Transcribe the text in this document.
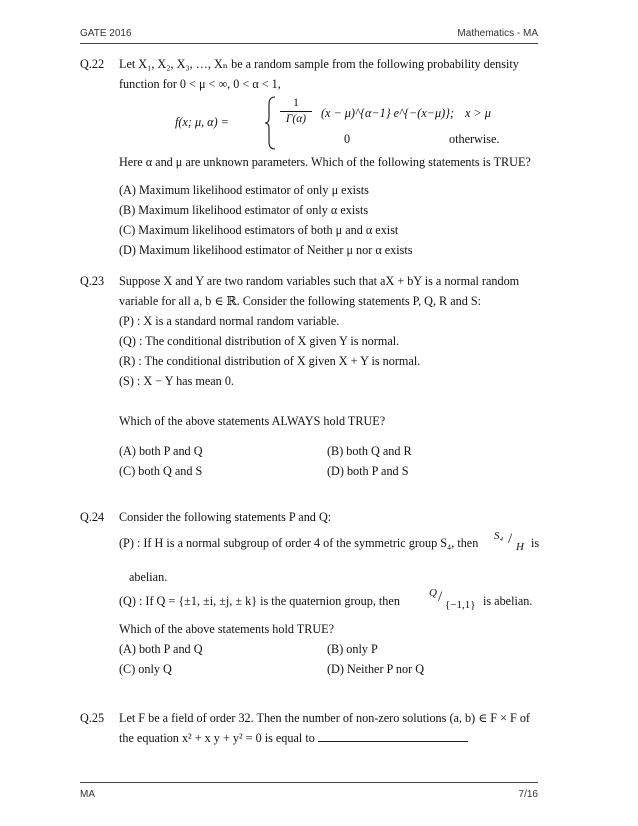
GATE 2016	Mathematics - MA
Q.22	Let X₁, X₂, X₃, …, Xₙ be a random sample from the following probability density
function for 0 < μ < ∞, 0 < α < 1,
f(x; μ, α) =
1
Γ(α)	(x − μ)^{α−1} e^{−(x−μ)}; x > μ
0	otherwise.
Here α and μ are unknown parameters. Which of the following statements is TRUE?
(A) Maximum likelihood estimator of only μ exists
(B) Maximum likelihood estimator of only α exists
(C) Maximum likelihood estimators of both μ and α exist
(D) Maximum likelihood estimator of Neither μ nor α exists
Q.23	Suppose X and Y are two random variables such that aX + bY is a normal random
variable for all a, b ∈ ℝ. Consider the following statements P, Q, R and S:
(P) : X is a standard normal random variable.
(Q) : The conditional distribution of X given Y is normal.
(R) : The conditional distribution of X given X + Y is normal.
(S) : X − Y has mean 0.
Which of the above statements ALWAYS hold TRUE?
(A) both P and Q	(B) both Q and R
(C) both Q and S	(D) both P and S
Q.24	Consider the following statements P and Q:
(P) : If H is a normal subgroup of order 4 of the symmetric group S₄, then S₄ / H is
abelian.
(Q) : If Q = {±1, ±i, ±j, ± k} is the quaternion group, then
Q / {−1,1} is abelian.
Which of the above statements hold TRUE?
(A) both P and Q	(B) only P
(C) only Q	(D) Neither P nor Q
Q.25	Let F be a field of order 32. Then the number of non-zero solutions (a, b) ∈ F × F of
the equation x² + x y + y² = 0 is equal to
MA	7/16
